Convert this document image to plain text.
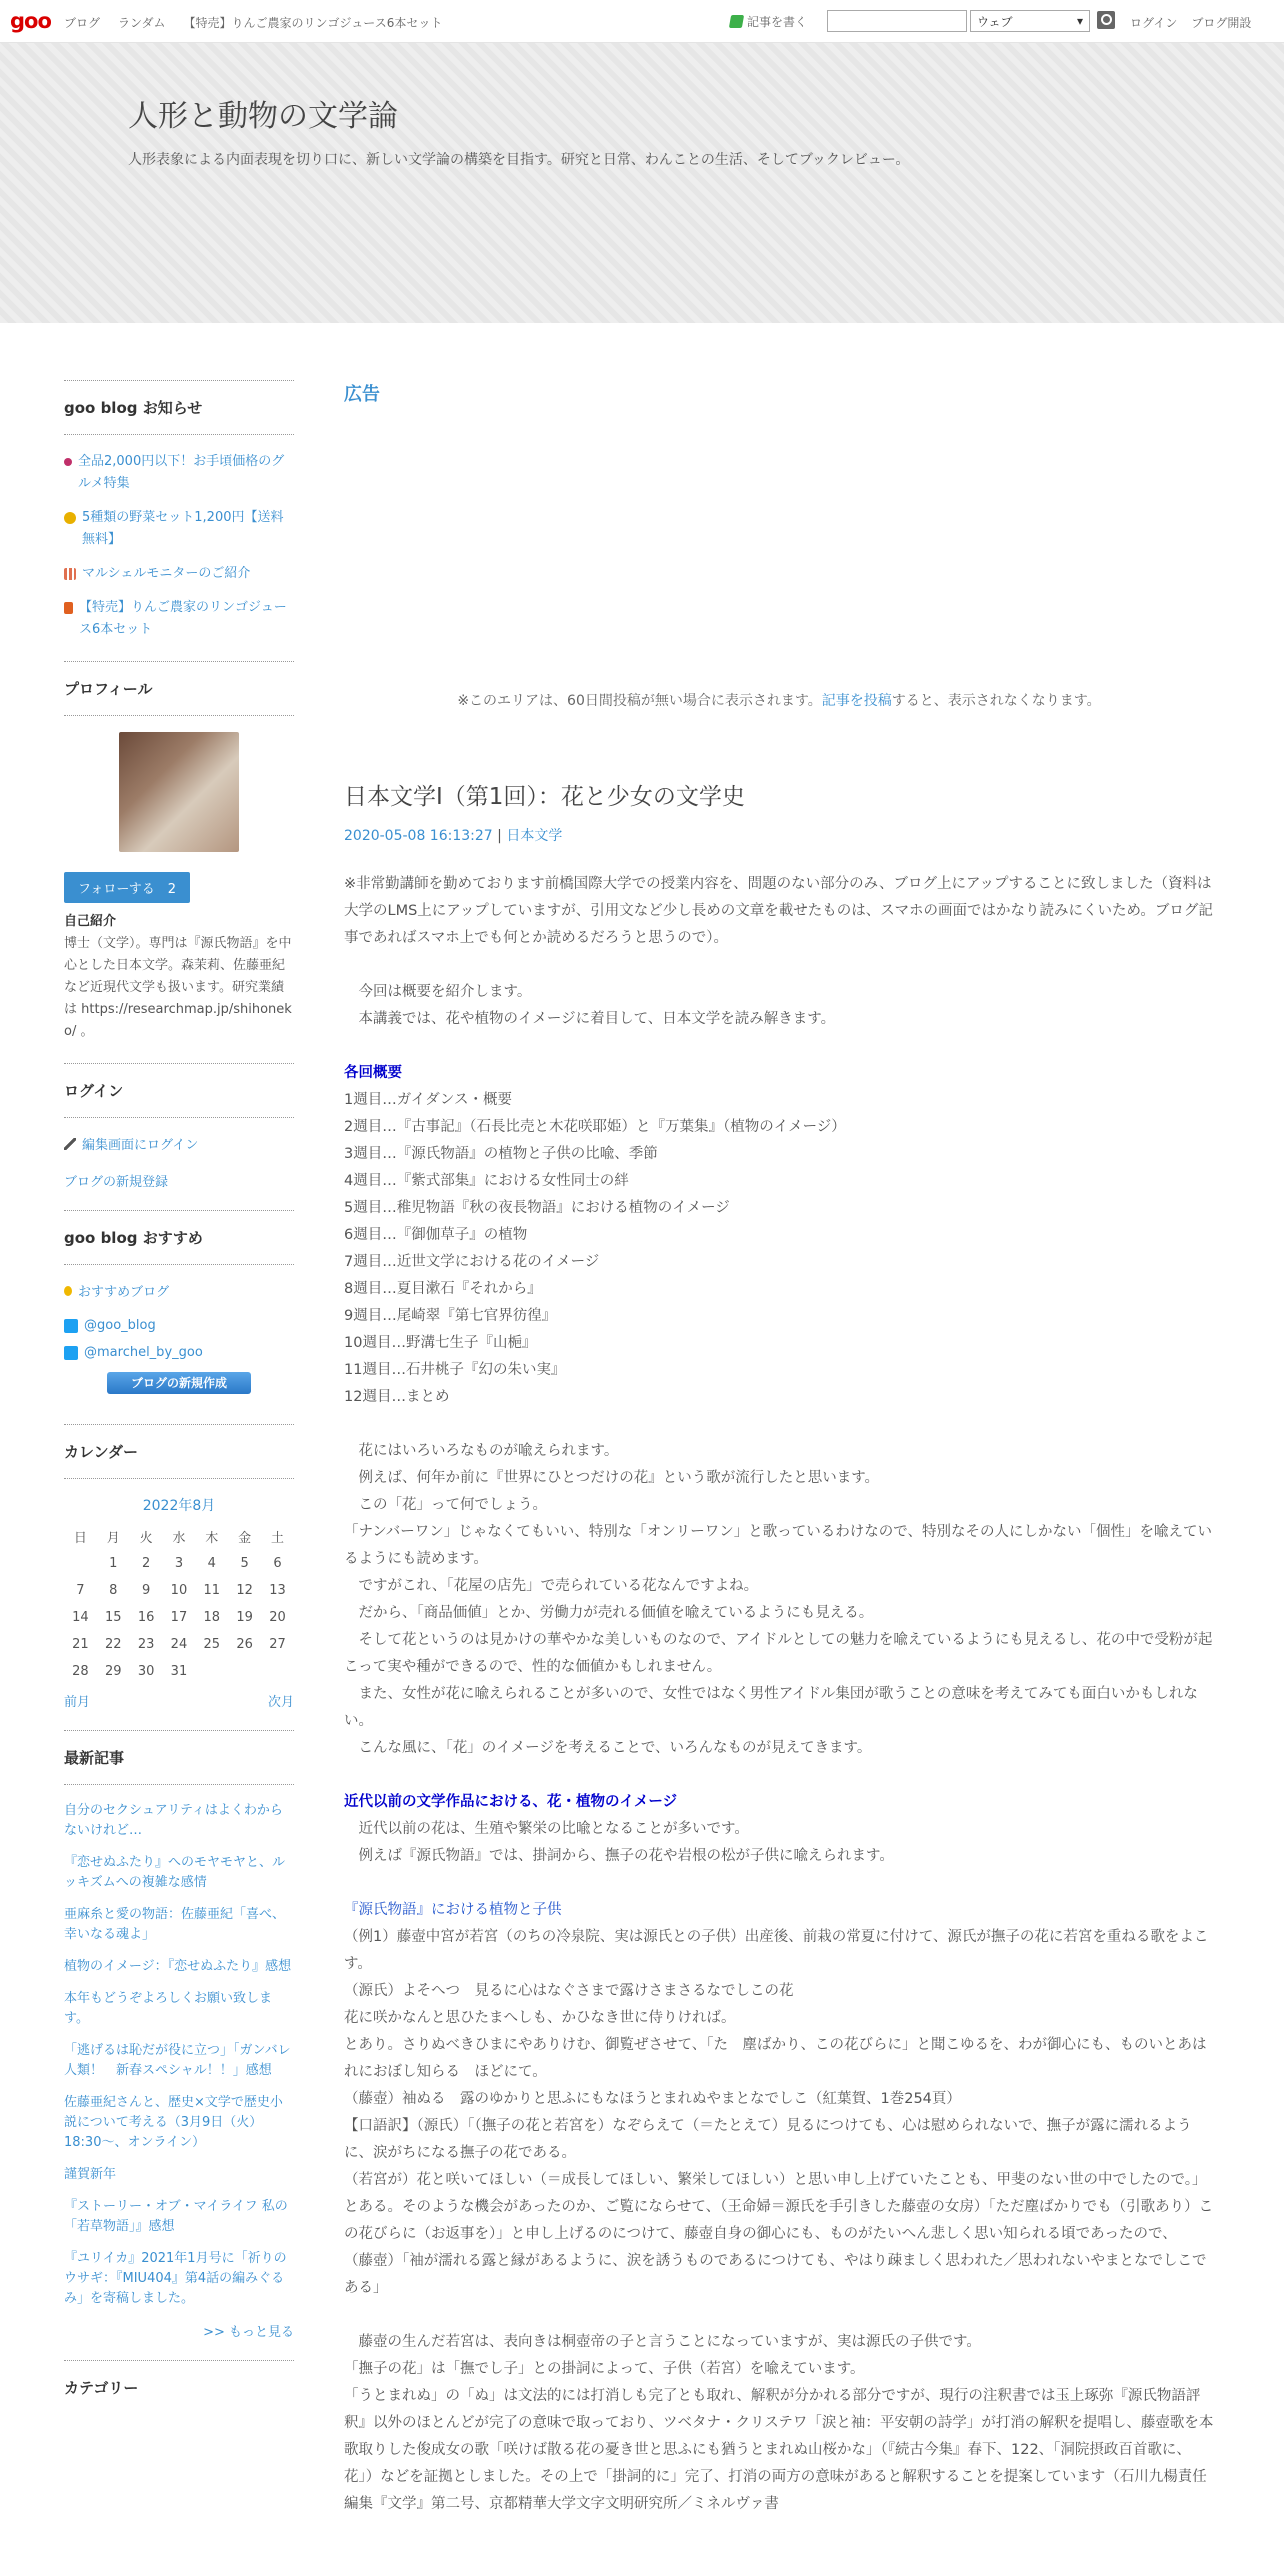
goo ブログ ランダム 【特売】りんご農家のリンゴジュース6本セット	記事を書く	ウェブ	▾	ログイン ブログ開設
人形と動物の文学論
人形表象による内面表現を切り口に、新しい文学論の構築を目指す。研究と日常、わんことの生活、そしてブックレビュー。
goo blog お知らせ
全品2,000円以下！お手頃価格のグルメ特集
5種類の野菜セット1,200円【送料無料】
マルシェルモニターのご紹介
【特売】りんご農家のリンゴジュース6本セット
プロフィール
フォローする　2
自己紹介
博士（文学）。専門は『源氏物語』を中心とした日本文学。森茉莉、佐藤亜紀など近現代文学も扱います。研究業績は https://researchmap.jp/shihoneko/ 。
ログイン
編集画面にログイン
ブログの新規登録
goo blog おすすめ
おすすめブログ
@goo_blog
@marchel_by_goo
ブログの新規作成
カレンダー
2022年8月
日	月	火	水	木	金	土
	1	2	3	4	5	6
7	8	9	10	11	12	13
14	15	16	17	18	19	20
21	22	23	24	25	26	27
28	29	30	31			
前月	次月
最新記事
自分のセクシュアリティはよくわからないけれど…
『恋せぬふたり』へのモヤモヤと、ルッキズムへの複雑な感情
亜麻糸と愛の物語：佐藤亜紀「喜べ、幸いなる魂よ」
植物のイメージ：『恋せぬふたり』感想
本年もどうぞよろしくお願い致します。
「逃げるは恥だが役に立つ」「ガンバレ人類！　新春スペシャル！！」感想
佐藤亜紀さんと、歴史×文学で歴史小説について考える（3月9日（火）18:30～、オンライン）
謹賀新年
『ストーリー・オブ・マイライフ 私の「若草物語」』感想
『ユリイカ』2021年1月号に「祈りのウサギ：『MIU404』第4話の編みぐるみ」を寄稿しました。
>> もっと見る
カテゴリー
広告
※このエリアは、60日間投稿が無い場合に表示されます。記事を投稿すると、表示されなくなります。
日本文学Ⅰ（第1回）：花と少女の文学史
2020-05-08 16:13:27 | 日本文学

※非常勤講師を勤めております前橋国際大学での授業内容を、問題のない部分のみ、ブログ上にアップすることに致しました（資料は大学のLMS上にアップしていますが、引用文など少し長めの文章を載せたものは、スマホの画面ではかなり読みにくいため。ブログ記事であればスマホ上でも何とか読めるだろうと思うので）。

　今回は概要を紹介します。

　本講義では、花や植物のイメージに着目して、日本文学を読み解きます。

各回概要

1週目…ガイダンス・概要

2週目…『古事記』（石長比売と木花咲耶姫）と『万葉集』（植物のイメージ）

3週目…『源氏物語』の植物と子供の比喩、季節

4週目…『紫式部集』における女性同士の絆

5週目…稚児物語『秋の夜長物語』における植物のイメージ

6週目…『御伽草子』の植物

7週目…近世文学における花のイメージ

8週目…夏目漱石『それから』

9週目…尾崎翠『第七官界彷徨』

10週目…野溝七生子『山梔』

11週目…石井桃子『幻の朱い実』

12週目…まとめ

　花にはいろいろなものが喩えられます。

　例えば、何年か前に『世界にひとつだけの花』という歌が流行したと思います。

　この「花」って何でしょう。

「ナンバーワン」じゃなくてもいい、特別な「オンリーワン」と歌っているわけなので、特別なその人にしかない「個性」を喩えているようにも読めます。

　ですがこれ、「花屋の店先」で売られている花なんですよね。

　だから、「商品価値」とか、労働力が売れる価値を喩えているようにも見える。

　そして花というのは見かけの華やかな美しいものなので、アイドルとしての魅力を喩えているようにも見えるし、花の中で受粉が起こって実や種ができるので、性的な価値かもしれません。

　また、女性が花に喩えられることが多いので、女性ではなく男性アイドル集団が歌うことの意味を考えてみても面白いかもしれない。

　こんな風に、「花」のイメージを考えることで、いろんなものが見えてきます。

近代以前の文学作品における、花・植物のイメージ

　近代以前の花は、生殖や繁栄の比喩となることが多いです。

　例えば『源氏物語』では、掛詞から、撫子の花や岩根の松が子供に喩えられます。

『源氏物語』における植物と子供

（例1）藤壺中宮が若宮（のちの冷泉院、実は源氏との子供）出産後、前栽の常夏に付けて、源氏が撫子の花に若宮を重ねる歌をよこす。

（源氏）よそへつ　見るに心はなぐさまで露けさまさるなでしこの花

花に咲かなんと思ひたまへしも、かひなき世に侍りければ。

とあり。さりぬべきひまにやありけむ、御覧ぜさせて、「た　塵ばかり、この花びらに」と聞こゆるを、わが御心にも、ものいとあはれにおぼし知らる　ほどにて。

（藤壺）袖ぬる　露のゆかりと思ふにもなほうとまれぬやまとなでしこ（紅葉賀、1巻254頁）

【口語訳】（源氏）「（撫子の花と若宮を）なぞらえて（＝たとえて）見るにつけても、心は慰められないで、撫子が露に濡れるように、涙がちになる撫子の花である。

（若宮が）花と咲いてほしい（＝成長してほしい、繁栄してほしい）と思い申し上げていたことも、甲斐のない世の中でしたので。」

とある。そのような機会があったのか、ご覧にならせて、（王命婦＝源氏を手引きした藤壺の女房）「ただ塵ばかりでも（引歌あり）この花びらに（お返事を）」と申し上げるのにつけて、藤壺自身の御心にも、ものがたいへん悲しく思い知られる頃であったので、

（藤壺）「袖が濡れる露と縁があるように、涙を誘うものであるにつけても、やはり疎ましく思われた／思われないやまとなでしこである」

　藤壺の生んだ若宮は、表向きは桐壺帝の子と言うことになっていますが、実は源氏の子供です。

「撫子の花」は「撫でし子」との掛詞によって、子供（若宮）を喩えています。

「うとまれぬ」の「ぬ」は文法的には打消しも完了とも取れ、解釈が分かれる部分ですが、現行の注釈書では玉上琢弥『源氏物語評釈』以外のほとんどが完了の意味で取っており、ツベタナ・クリステワ「涙と袖：平安朝の詩学」が打消の解釈を提唱し、藤壺歌を本歌取りした俊成女の歌「咲けば散る花の憂き世と思ふにも猶うとまれぬ山桜かな」（『続古今集』春下、122、「洞院摂政百首歌に、花」）などを証拠としました。その上で「掛詞的に」完了、打消の両方の意味があると解釈することを提案しています（石川九楊責任編集『文学』第二号、京都精華大学文字文明研究所／ミネルヴァ書
